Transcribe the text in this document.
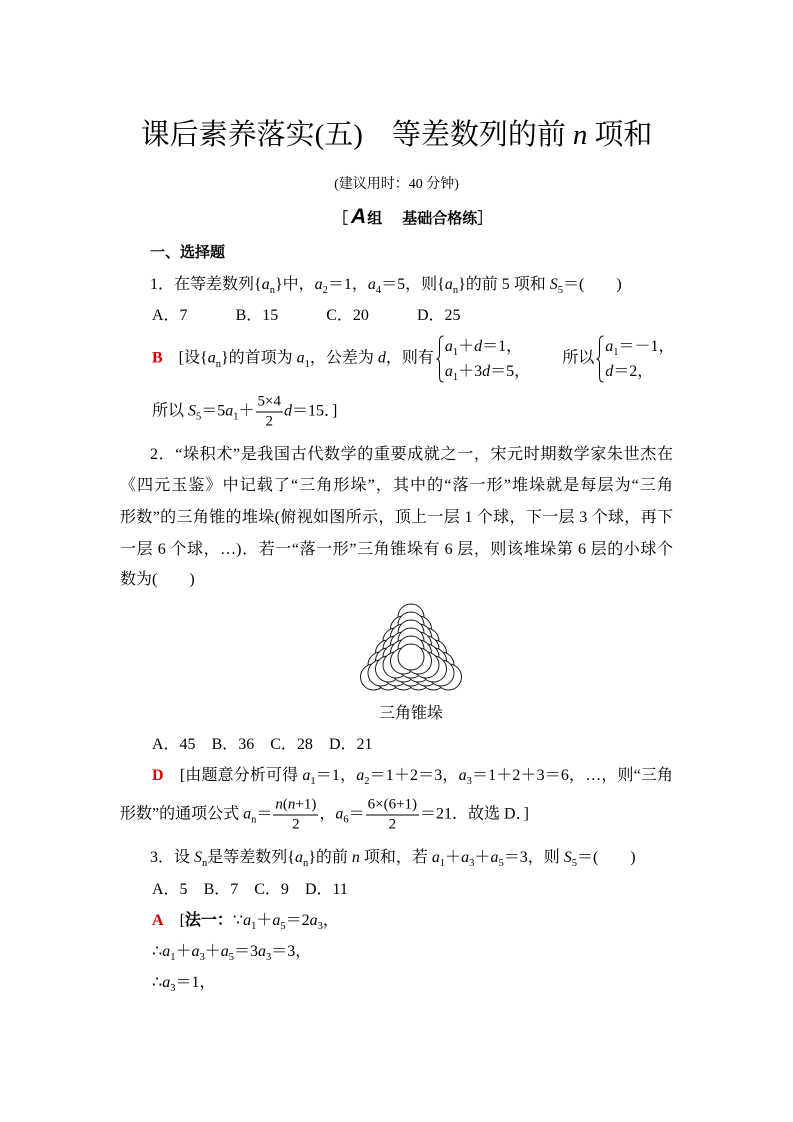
课后素养落实(五) 等差数列的前 n 项和
(建议用时：40 分钟)
［ A组 基础合格练］
一、选择题
1．在等差数列$\{a_n\}$中，$a_2=1$，$a_4=5$，则$\{a_n\}$的前 5 项和 $S_5=$(　　)
A．7	B．15	C．20	D．25
B　[设$\{a_n\}$的首项为 $a_1$，公差为 d，则有
$a_1+d=1$，
$a_1+3d=5$，
　　所以
$a_1=-1$，
d＝2，
所以 $S_5=5a_1+ \frac{5\times 4}{2} d=15$．]
2．“垛积术”是我国古代数学的重要成就之一，宋元时期数学家朱世杰在
《四元玉鉴》中记载了“三角形垛”，其中的“落一形”堆垛就是每层为“三角
形数”的三角锥的堆垛(俯视如图所示，顶上一层 1 个球，下一层 3 个球，再下
一层 6 个球，…)．若一“落一形”三角锥垛有 6 层，则该堆垛第 6 层的小球个
数为(　　)
三角锥垛
A．45 B．36 C．28 D．21
D　[由题意分析可得 $a_1=1$，$a_2=1+2=3$，$a_3=1+2+3=6$，…，则“三角
形数”的通项公式 $a_n= \frac{n(n+1)}{2}$ ，$a_6= \frac{6\times(6+1)}{2} =21$．故选 D．]
3．设 $S_n$是等差数列$\{a_n\}$的前 n 项和，若 $a_1+a_3+a_5=3$，则 $S_5=$(　　)
A．5 B．7 C．9 D．11
A　[法一：$\because a_1+a_5=2a_3$，
$\therefore a_1+a_3+a_5=3a_3=3$，
$\therefore a_3=1$，
